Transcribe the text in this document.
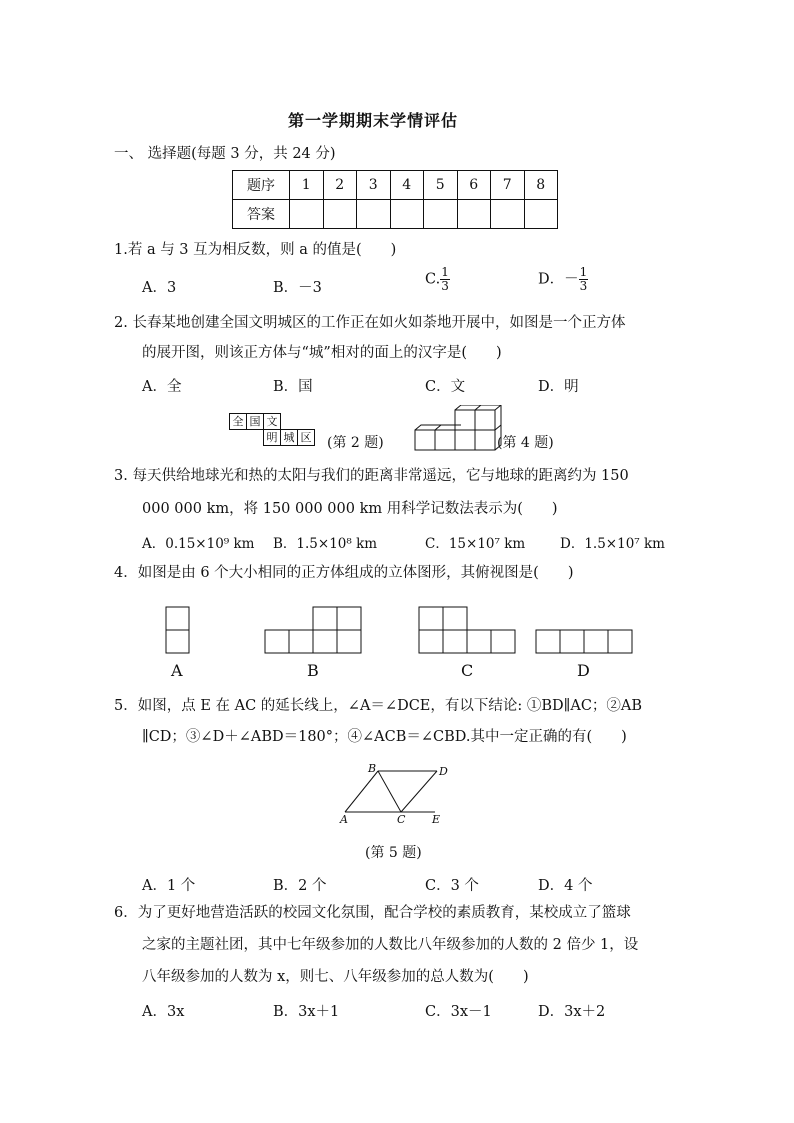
第一学期期末学情评估
一、 选择题(每题 3 分，共 24 分)
题序	1	2	3	4	5	6	7	8
答案								
1.若 a 与 3 互为相反数，则 a 的值是(　　)
A．3	B．－3
C. $\frac{1}{3}$	D．－ $\frac{1}{3}$
2. 长春某地创建全国文明城区的工作正在如火如荼地开展中，如图是一个正方体
的展开图，则该正方体与“城”相对的面上的汉字是(　　)
A．全	B．国	C．文	D．明
全	国	文		
		明	城	区 (第 2 题)	(第 4 题)
3. 每天供给地球光和热的太阳与我们的距离非常遥远，它与地球的距离约为 150
000 000 km，将 150 000 000 km 用科学记数法表示为(　　)
A．0.15×10⁹ km B．1.5×10⁸ km	C．15×10⁷ km	D．1.5×10⁷ km
4．如图是由 6 个大小相同的正方体组成的立体图形，其俯视图是(　　)
A	B	C	D
5．如图，点 E 在 AC 的延长线上，∠A＝∠DCE，有以下结论: ①BD∥AC；②AB
∥CD；③∠D＋∠ABD＝180°；④∠ACB＝∠CBD.其中一定正确的有(　　)
A
B
C
D
E
(第 5 题)
A．1 个	B．2 个	C．3 个	D．4 个
6．为了更好地营造活跃的校园文化氛围，配合学校的素质教育，某校成立了篮球
之家的主题社团，其中七年级参加的人数比八年级参加的人数的 2 倍少 1，设
八年级参加的人数为 x，则七、八年级参加的总人数为(　　)
A．3x	B．3x＋1	C．3x－1	D．3x＋2
